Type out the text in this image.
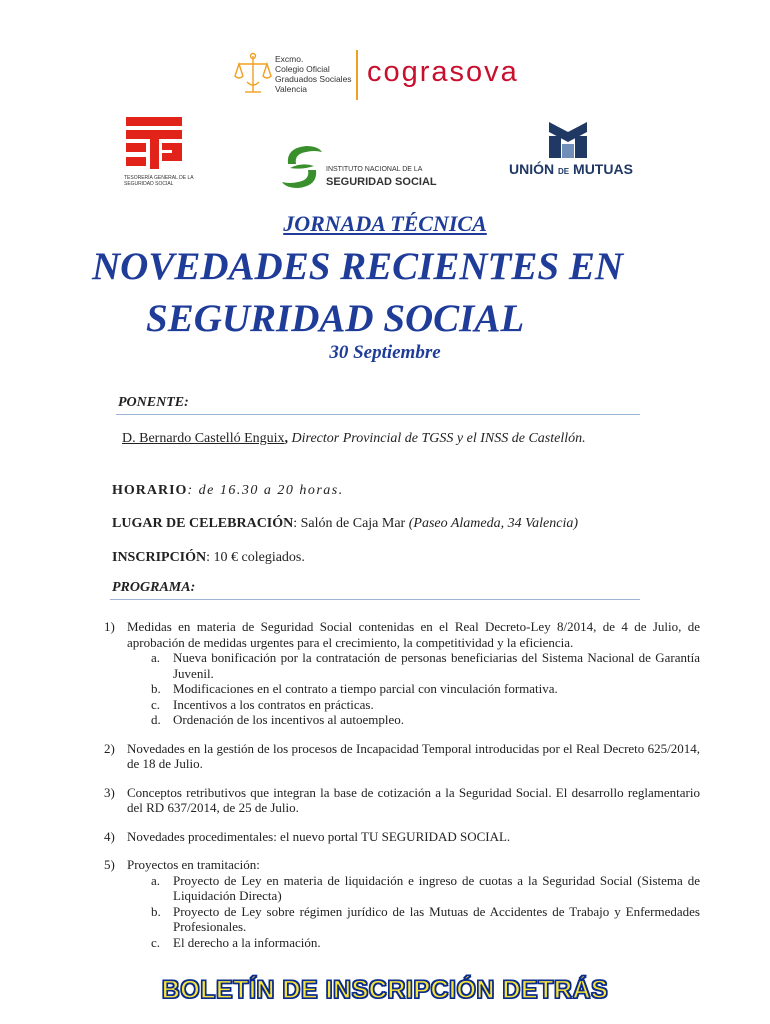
Excmo.
Colegio Oficial
Graduados Sociales
Valencia
cograsova
TESORERÍA GENERAL DE LA SEGURIDAD SOCIAL
INSTITUTO NACIONAL DE LA
SEGURIDAD SOCIAL
UNIÓN DE MUTUAS
JORNADA TÉCNICA
NOVEDADES RECIENTES EN
SEGURIDAD SOCIAL
30 Septiembre
PONENTE:
D. Bernardo Castelló Enguix, Director Provincial de TGSS y el INSS de Castellón.
HORARIO: de 16.30 a 20 horas.
LUGAR DE CELEBRACIÓN: Salón de Caja Mar (Paseo Alameda, 34 Valencia)
INSCRIPCIÓN: 10 € colegiados.
PROGRAMA:
1) Medidas en materia de Seguridad Social contenidas en el Real Decreto-Ley 8/2014, de 4 de Julio, de aprobación de medidas urgentes para el crecimiento, la competitividad y la eficiencia.
a. Nueva bonificación por la contratación de personas beneficiarias del Sistema Nacional de Garantía Juvenil.
b. Modificaciones en el contrato a tiempo parcial con vinculación formativa.
c. Incentivos a los contratos en prácticas.
d. Ordenación de los incentivos al autoempleo.
2) Novedades en la gestión de los procesos de Incapacidad Temporal introducidas por el Real Decreto 625/2014, de 18 de Julio.
3) Conceptos retributivos que integran la base de cotización a la Seguridad Social. El desarrollo reglamentario del RD 637/2014, de 25 de Julio.
4) Novedades procedimentales: el nuevo portal TU SEGURIDAD SOCIAL.
5) Proyectos en tramitación:
a. Proyecto de Ley en materia de liquidación e ingreso de cuotas a la Seguridad Social (Sistema de Liquidación Directa)
b. Proyecto de Ley sobre régimen jurídico de las Mutuas de Accidentes de Trabajo y Enfermedades Profesionales.
c. El derecho a la información.
BOLETÍN DE INSCRIPCIÓN DETRÁS
